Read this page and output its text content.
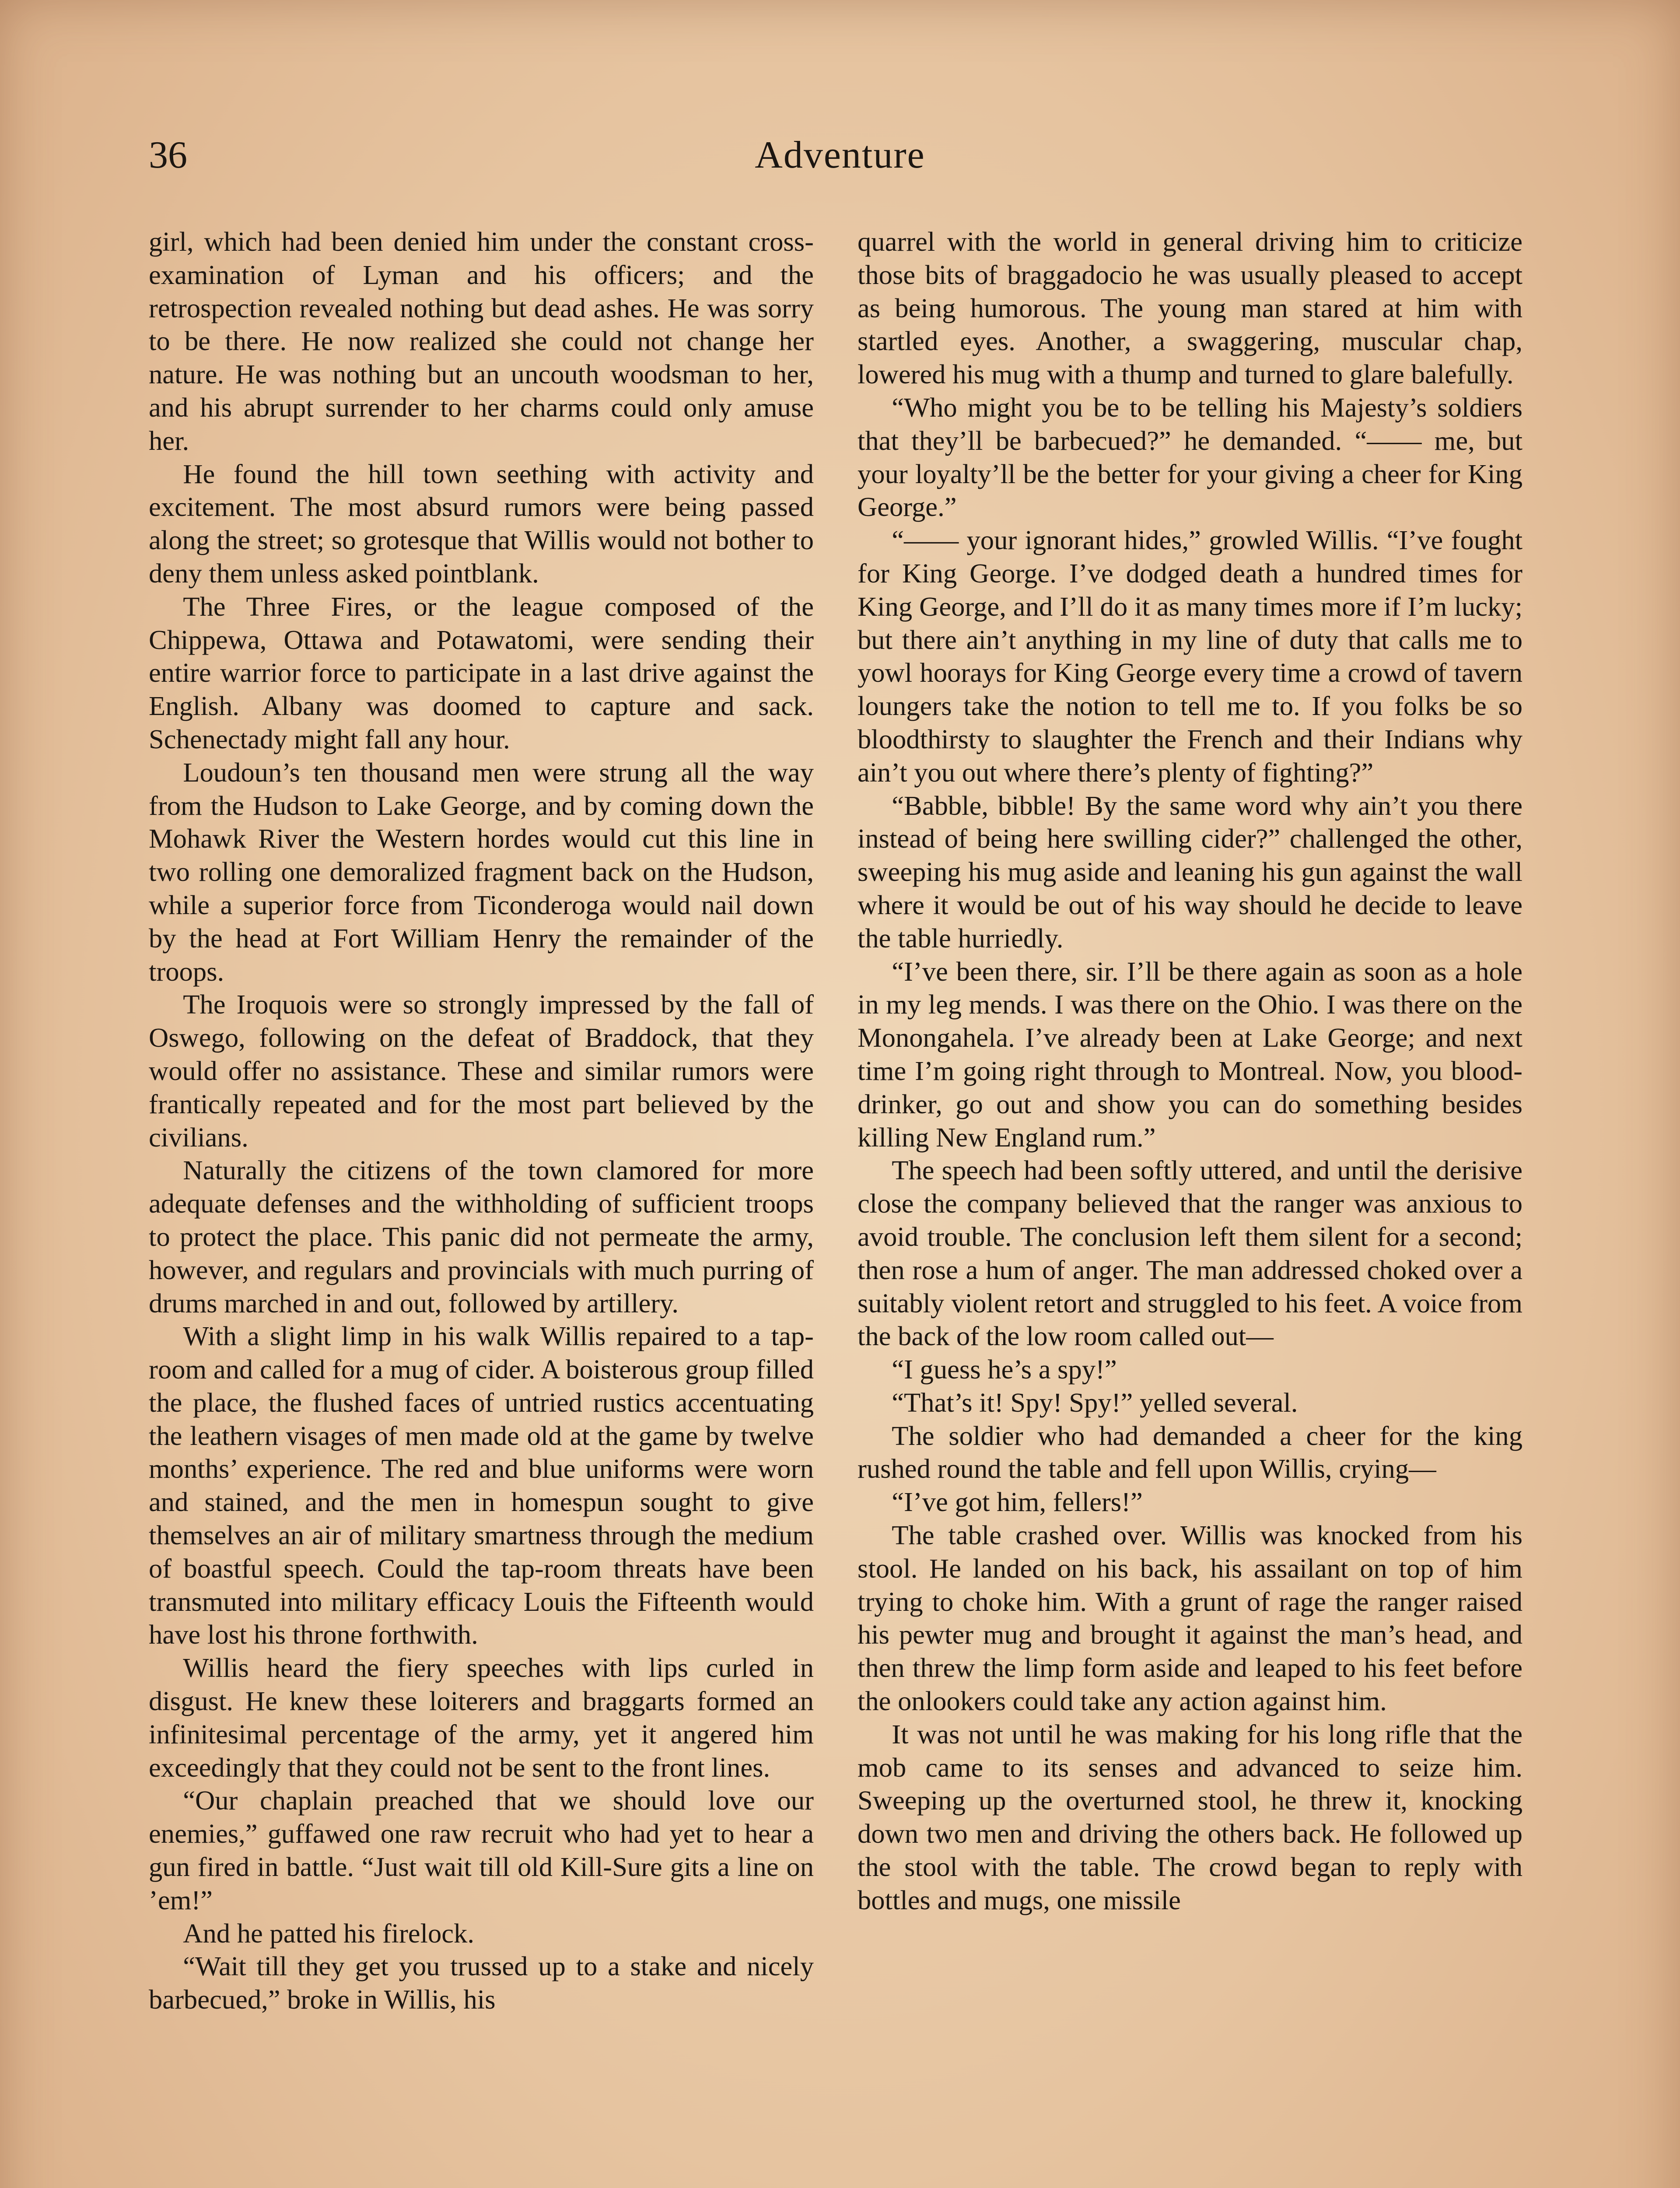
36	Adventure

girl, which had been denied him under the constant cross-examination of Lyman and his officers; and the retrospection revealed nothing but dead ashes. He was sorry to be there. He now realized she could not change her nature. He was nothing but an uncouth woodsman to her, and his abrupt surrender to her charms could only amuse her.

He found the hill town seething with activity and excitement. The most absurd rumors were being passed along the street; so grotesque that Willis would not bother to deny them unless asked pointblank.

The Three Fires, or the league composed of the Chippewa, Ottawa and Potawatomi, were sending their entire warrior force to participate in a last drive against the English. Albany was doomed to capture and sack. Schenectady might fall any hour.

Loudoun’s ten thousand men were strung all the way from the Hudson to Lake George, and by coming down the Mohawk River the Western hordes would cut this line in two rolling one demoralized fragment back on the Hudson, while a superior force from Ticonderoga would nail down by the head at Fort William Henry the remainder of the troops.

The Iroquois were so strongly impressed by the fall of Oswego, following on the defeat of Braddock, that they would offer no assistance. These and similar rumors were frantically repeated and for the most part believed by the civilians.

Naturally the citizens of the town clamored for more adequate defenses and the withholding of sufficient troops to protect the place. This panic did not permeate the army, however, and regulars and provincials with much purring of drums marched in and out, followed by artillery.

With a slight limp in his walk Willis repaired to a tap-room and called for a mug of cider. A boisterous group filled the place, the flushed faces of untried rustics accentuating the leathern visages of men made old at the game by twelve months’ experience. The red and blue uniforms were worn and stained, and the men in homespun sought to give themselves an air of military smartness through the medium of boastful speech. Could the tap-room threats have been transmuted into military efficacy Louis the Fifteenth would have lost his throne forthwith.

Willis heard the fiery speeches with lips curled in disgust. He knew these loiterers and braggarts formed an infinitesimal percentage of the army, yet it angered him exceedingly that they could not be sent to the front lines.

“Our chaplain preached that we should love our enemies,” guffawed one raw recruit who had yet to hear a gun fired in battle. “Just wait till old Kill-Sure gits a line on ’em!”

And he patted his firelock.

“Wait till they get you trussed up to a stake and nicely barbecued,” broke in Willis, his

quarrel with the world in general driving him to criticize those bits of braggadocio he was usually pleased to accept as being humorous. The young man stared at him with startled eyes. Another, a swaggering, muscular chap, lowered his mug with a thump and turned to glare balefully.

“Who might you be to be telling his Majesty’s soldiers that they’ll be barbecued?” he demanded. “—— me, but your loyalty’ll be the better for your giving a cheer for King George.”

“—— your ignorant hides,” growled Willis. “I’ve fought for King George. I’ve dodged death a hundred times for King George, and I’ll do it as many times more if I’m lucky; but there ain’t anything in my line of duty that calls me to yowl hoorays for King George every time a crowd of tavern loungers take the notion to tell me to. If you folks be so bloodthirsty to slaughter the French and their Indians why ain’t you out where there’s plenty of fighting?”

“Babble, bibble! By the same word why ain’t you there instead of being here swilling cider?” challenged the other, sweeping his mug aside and leaning his gun against the wall where it would be out of his way should he decide to leave the table hurriedly.

“I’ve been there, sir. I’ll be there again as soon as a hole in my leg mends. I was there on the Ohio. I was there on the Monongahela. I’ve already been at Lake George; and next time I’m going right through to Montreal. Now, you blood-drinker, go out and show you can do something besides killing New England rum.”

The speech had been softly uttered, and until the derisive close the company believed that the ranger was anxious to avoid trouble. The conclusion left them silent for a second; then rose a hum of anger. The man addressed choked over a suitably violent retort and struggled to his feet. A voice from the back of the low room called out—

“I guess he’s a spy!”

“That’s it! Spy! Spy!” yelled several.

The soldier who had demanded a cheer for the king rushed round the table and fell upon Willis, crying—

“I’ve got him, fellers!”

The table crashed over. Willis was knocked from his stool. He landed on his back, his assailant on top of him trying to choke him. With a grunt of rage the ranger raised his pewter mug and brought it against the man’s head, and then threw the limp form aside and leaped to his feet before the onlookers could take any action against him.

It was not until he was making for his long rifle that the mob came to its senses and advanced to seize him. Sweeping up the overturned stool, he threw it, knocking down two men and driving the others back. He followed up the stool with the table. The crowd began to reply with bottles and mugs, one missile
